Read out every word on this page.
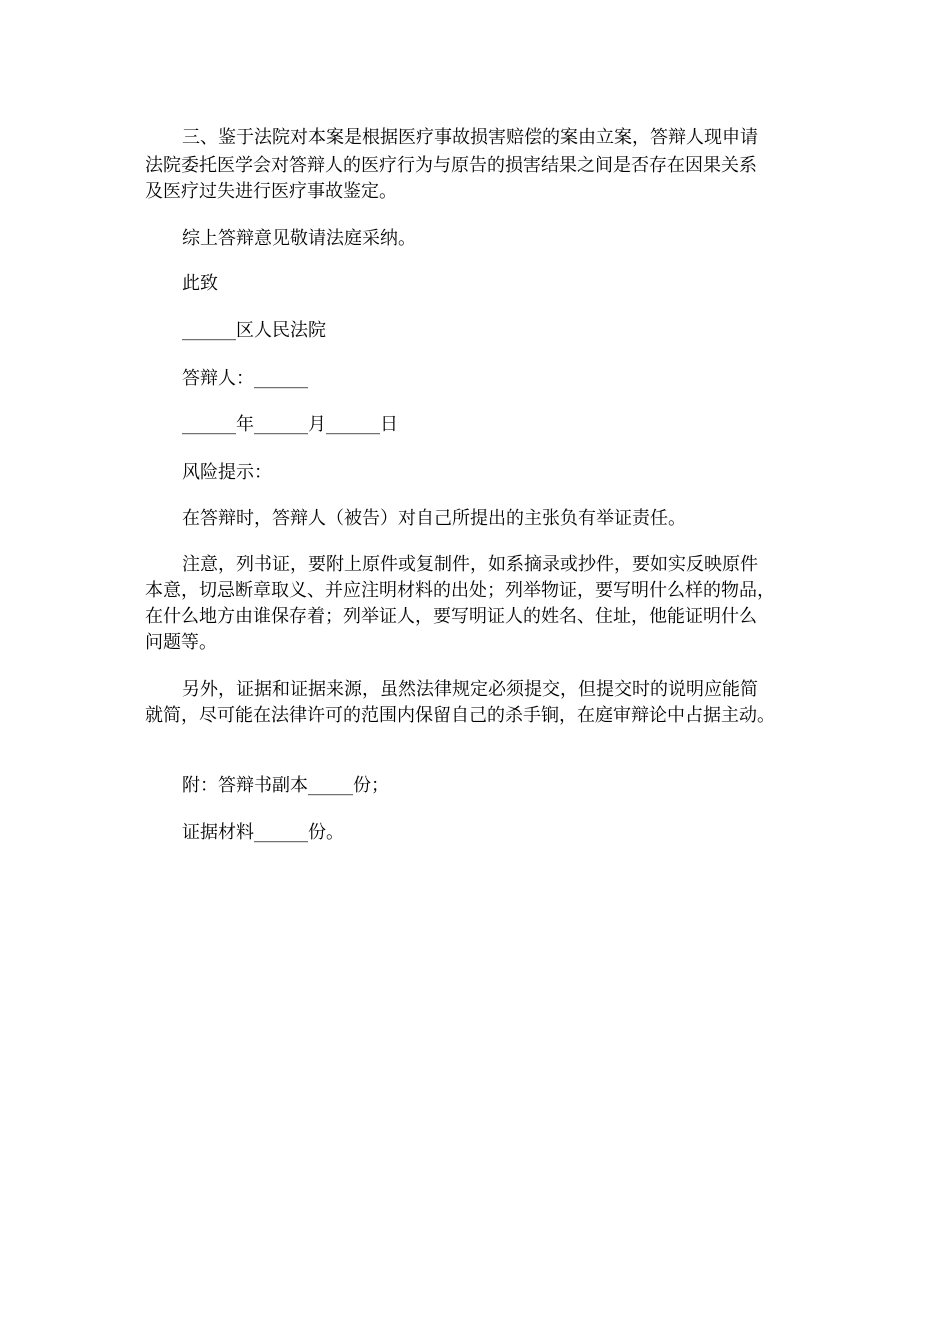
三、鉴于法院对本案是根据医疗事故损害赔偿的案由立案，答辩人现申请
法院委托医学会对答辩人的医疗行为与原告的损害结果之间是否存在因果关系
及医疗过失进行医疗事故鉴定。
综上答辩意见敬请法庭采纳。
此致
______区人民法院
答辩人：______
______年______月______日
风险提示：
在答辩时，答辩人（被告）对自己所提出的主张负有举证责任。
注意，列书证，要附上原件或复制件，如系摘录或抄件，要如实反映原件
本意，切忌断章取义、并应注明材料的出处；列举物证，要写明什么样的物品，
在什么地方由谁保存着；列举证人，要写明证人的姓名、住址，他能证明什么
问题等。
另外，证据和证据来源，虽然法律规定必须提交，但提交时的说明应能简
就简，尽可能在法律许可的范围内保留自己的杀手锏，在庭审辩论中占据主动。
附：答辩书副本_____份；
证据材料______份。
